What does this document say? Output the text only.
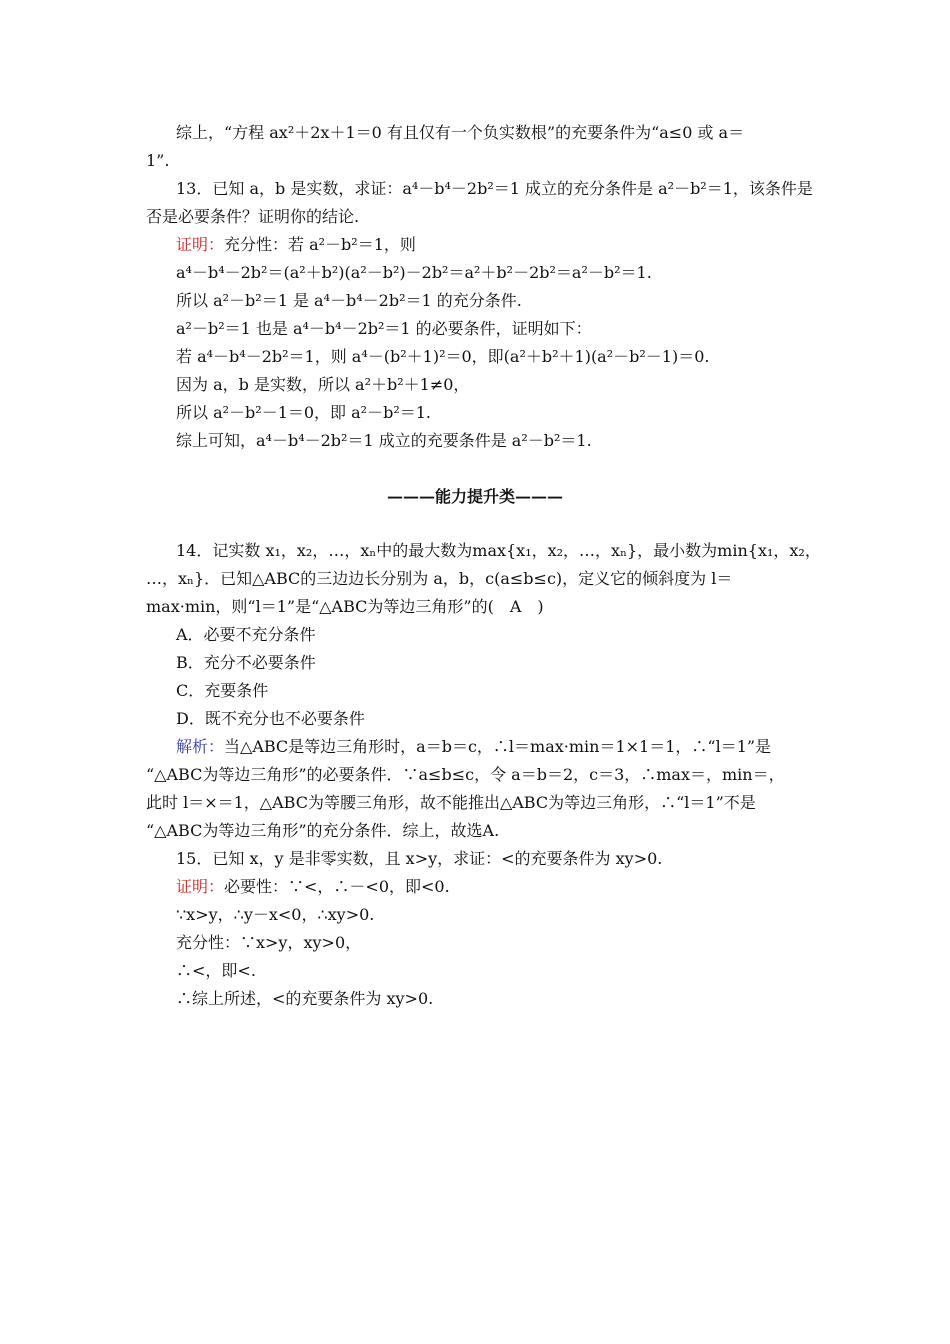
综上，“方程 ax²＋2x＋1＝0 有且仅有一个负实数根”的充要条件为“a≤0 或 a＝
1”.
13．已知 a，b 是实数，求证：a⁴－b⁴－2b²＝1 成立的充分条件是 a²－b²＝1，该条件是
否是必要条件？证明你的结论.
证明：充分性：若 a²－b²＝1，则
a⁴－b⁴－2b²＝(a²＋b²)(a²－b²)－2b²＝a²＋b²－2b²＝a²－b²＝1.
所以 a²－b²＝1 是 a⁴－b⁴－2b²＝1 的充分条件.
a²－b²＝1 也是 a⁴－b⁴－2b²＝1 的必要条件，证明如下：
若 a⁴－b⁴－2b²＝1，则 a⁴－(b²＋1)²＝0，即(a²＋b²＋1)(a²－b²－1)＝0.
因为 a，b 是实数，所以 a²＋b²＋1≠0，
所以 a²－b²－1＝0，即 a²－b²＝1.
综上可知，a⁴－b⁴－2b²＝1 成立的充要条件是 a²－b²＝1.
14．记实数 x₁，x₂，…，xₙ中的最大数为max{x₁，x₂，…，xₙ}，最小数为min{x₁，x₂，
…，xₙ}．已知△ABC的三边边长分别为 a，b，c(a≤b≤c)，定义它的倾斜度为 l＝
max·min，则“l＝1”是“△ABC为等边三角形”的(　A　)
A．必要不充分条件
B．充分不必要条件
C．充要条件
D．既不充分也不必要条件
解析：当△ABC是等边三角形时，a＝b＝c，∴l＝max·min＝1×1＝1，∴“l＝1”是
“△ABC为等边三角形”的必要条件．∵a≤b≤c，令 a＝b＝2，c＝3，∴max＝，min＝，
此时 l＝×＝1，△ABC为等腰三角形，故不能推出△ABC为等边三角形，∴“l＝1”不是
“△ABC为等边三角形”的充分条件．综上，故选A.
15．已知 x，y 是非零实数，且 x>y，求证：<的充要条件为 xy>0.
证明：必要性：∵<，∴－<0，即<0.
∵x>y，∴y－x<0，∴xy>0.
充分性：∵x>y，xy>0，
∴<，即<.
∴综上所述，<的充要条件为 xy>0.
———能力提升类———
